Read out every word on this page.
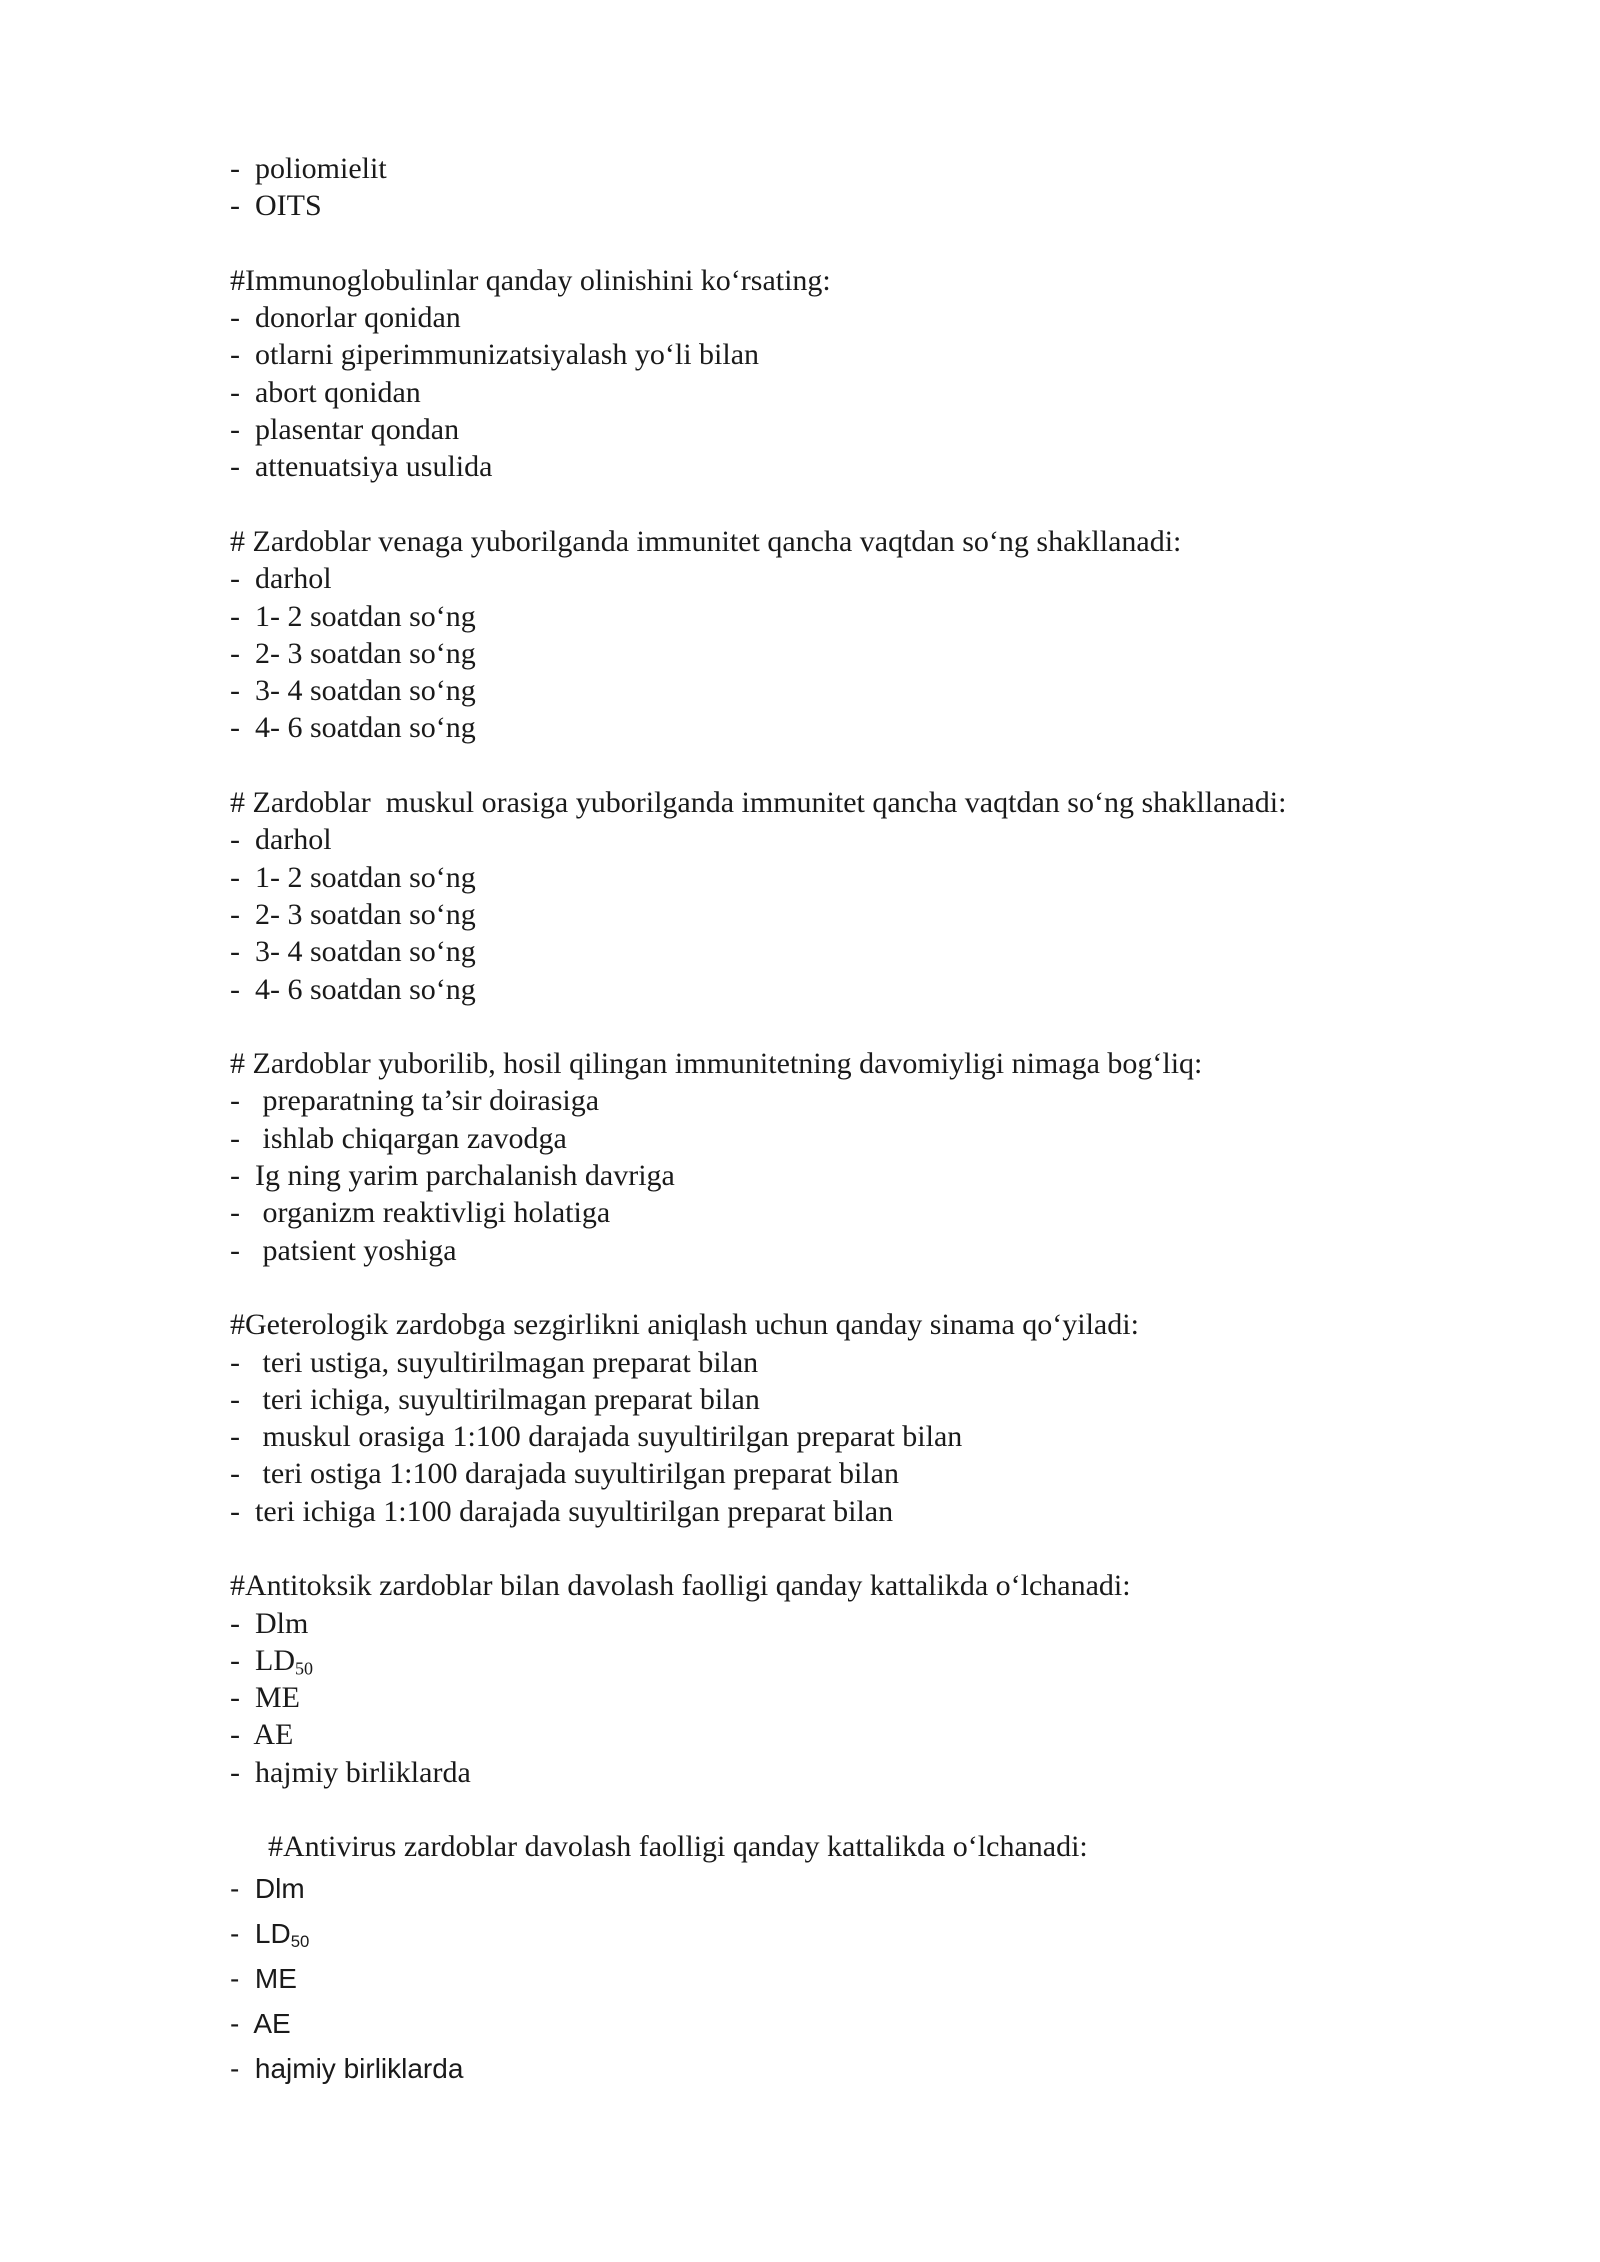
-  poliomielit
-  OITS
#Immunoglobulinlar qanday olinishini ko‘rsating:
-  donorlar qonidan
-  otlarni giperimmunizatsiyalash yo‘li bilan
-  abort qonidan
-  plasentar qondan
-  attenuatsiya usulida
# Zardoblar venaga yuborilganda immunitet qancha vaqtdan so‘ng shakllanadi:
-  darhol
-  1- 2 soatdan so‘ng
-  2- 3 soatdan so‘ng
-  3- 4 soatdan so‘ng
-  4- 6 soatdan so‘ng
# Zardoblar  muskul orasiga yuborilganda immunitet qancha vaqtdan so‘ng shakllanadi:
-  darhol
-  1- 2 soatdan so‘ng
-  2- 3 soatdan so‘ng
-  3- 4 soatdan so‘ng
-  4- 6 soatdan so‘ng
# Zardoblar yuborilib, hosil qilingan immunitetning davomiyligi nimaga bog‘liq:
-   preparatning ta’sir doirasiga
-   ishlab chiqargan zavodga
-  Ig ning yarim parchalanish davriga
-   organizm reaktivligi holatiga
-   patsient yoshiga
#Geterologik zardobga sezgirlikni aniqlash uchun qanday sinama qo‘yiladi:
-   teri ustiga, suyultirilmagan preparat bilan
-   teri ichiga, suyultirilmagan preparat bilan
-   muskul orasiga 1:100 darajada suyultirilgan preparat bilan
-   teri ostiga 1:100 darajada suyultirilgan preparat bilan
-  teri ichiga 1:100 darajada suyultirilgan preparat bilan
#Antitoksik zardoblar bilan davolash faolligi qanday kattalikda o‘lchanadi:
-  Dlm
-  $LD_{50}$
-  ME
-  AE
-  hajmiy birliklarda
#Antivirus zardoblar davolash faolligi qanday kattalikda o‘lchanadi:
-  Dlm
-  $LD_{50}$
-  ME
-  AE
-  hajmiy birliklarda
